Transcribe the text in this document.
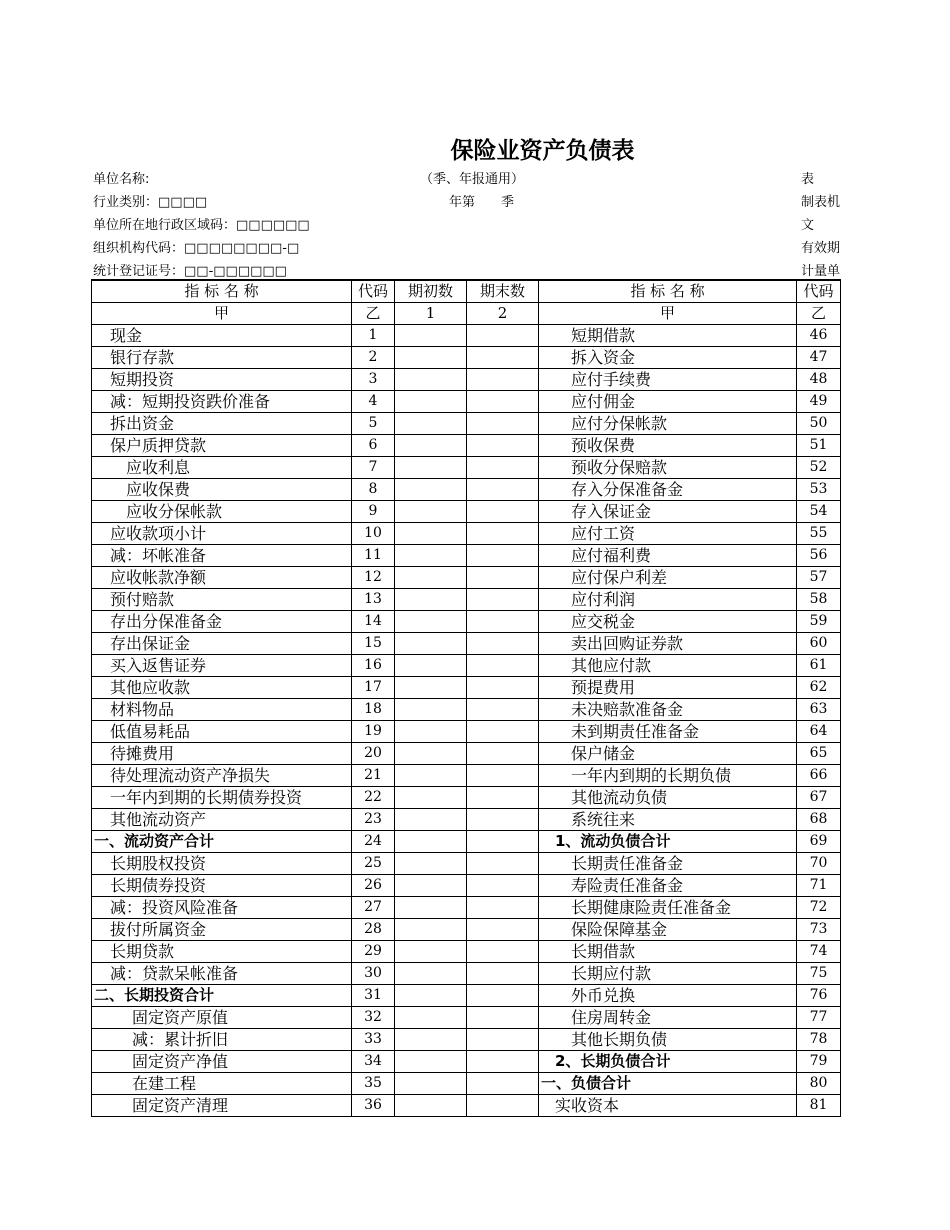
保险业资产负债表
单位名称:	（季、年报通用）	表
行业类别：□□□□	年第　　季	制表机
单位所在地行政区域码：□□□□□□	文
组织机构代码：□□□□□□□□-□	有效期
统计登记证号：□□-□□□□□□	计量单
指 标 名 称	代码	期初数	期末数	指 标 名 称	代码
甲	乙	1	2	甲	乙
现金	1			短期借款	46
银行存款	2			拆入资金	47
短期投资	3			应付手续费	48
减：短期投资跌价准备	4			应付佣金	49
拆出资金	5			应付分保帐款	50
保户质押贷款	6			预收保费	51
应收利息	7			预收分保赔款	52
应收保费	8			存入分保准备金	53
应收分保帐款	9			存入保证金	54
应收款项小计	10			应付工资	55
减：坏帐准备	11			应付福利费	56
应收帐款净额	12			应付保户利差	57
预付赔款	13			应付利润	58
存出分保准备金	14			应交税金	59
存出保证金	15			卖出回购证券款	60
买入返售证券	16			其他应付款	61
其他应收款	17			预提费用	62
材料物品	18			未决赔款准备金	63
低值易耗品	19			未到期责任准备金	64
待摊费用	20			保户储金	65
待处理流动资产净损失	21			一年内到期的长期负债	66
一年内到期的长期债券投资	22			其他流动负债	67
其他流动资产	23			系统往来	68
一、流动资产合计	24			1、流动负债合计	69
长期股权投资	25			长期责任准备金	70
长期债券投资	26			寿险责任准备金	71
减：投资风险准备	27			长期健康险责任准备金	72
拔付所属资金	28			保险保障基金	73
长期贷款	29			长期借款	74
减：贷款呆帐准备	30			长期应付款	75
二、长期投资合计	31			外币兑换	76
固定资产原值	32			住房周转金	77
减：累计折旧	33			其他长期负债	78
固定资产净值	34			2、长期负债合计	79
在建工程	35			一、负债合计	80
固定资产清理	36			实收资本	81
